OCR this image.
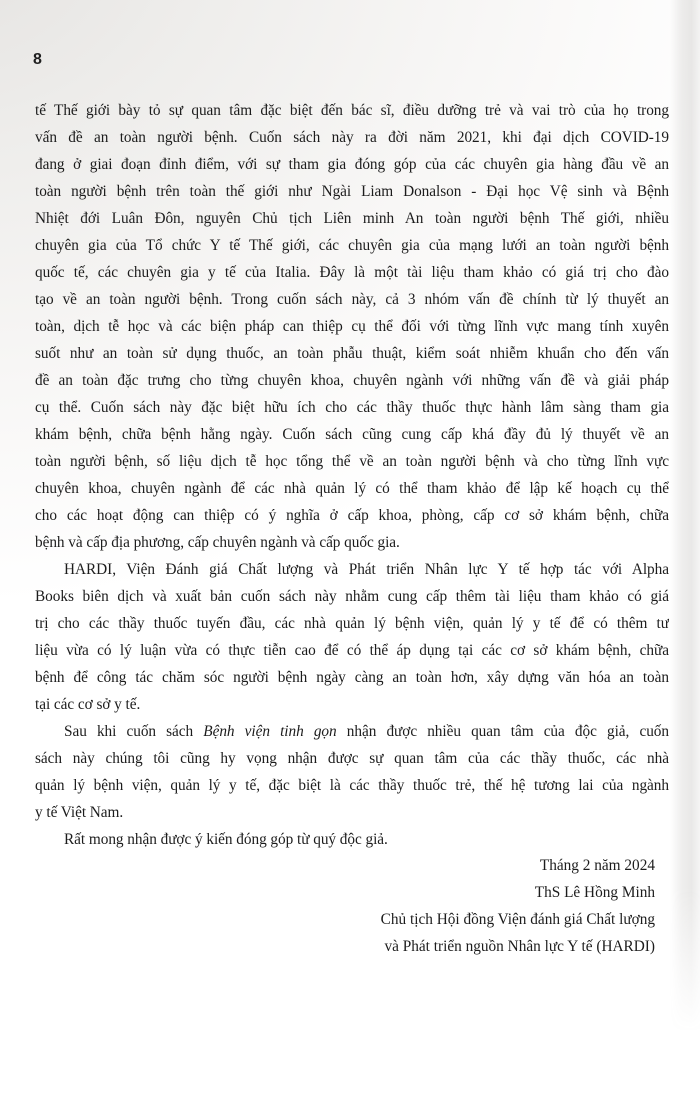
8
tế Thế giới bày tỏ sự quan tâm đặc biệt đến bác sĩ, điều dưỡng trẻ và vai trò của họ trong
vấn đề an toàn người bệnh. Cuốn sách này ra đời năm 2021, khi đại dịch COVID-19
đang ở giai đoạn đỉnh điểm, với sự tham gia đóng góp của các chuyên gia hàng đầu về an
toàn người bệnh trên toàn thế giới như Ngài Liam Donalson - Đại học Vệ sinh và Bệnh
Nhiệt đới Luân Đôn, nguyên Chủ tịch Liên minh An toàn người bệnh Thế giới, nhiều
chuyên gia của Tổ chức Y tế Thế giới, các chuyên gia của mạng lưới an toàn người bệnh
quốc tế, các chuyên gia y tế của Italia. Đây là một tài liệu tham khảo có giá trị cho đào
tạo về an toàn người bệnh. Trong cuốn sách này, cả 3 nhóm vấn đề chính từ lý thuyết an
toàn, dịch tễ học và các biện pháp can thiệp cụ thể đối với từng lĩnh vực mang tính xuyên
suốt như an toàn sử dụng thuốc, an toàn phẫu thuật, kiểm soát nhiễm khuẩn cho đến vấn
đề an toàn đặc trưng cho từng chuyên khoa, chuyên ngành với những vấn đề và giải pháp
cụ thể. Cuốn sách này đặc biệt hữu ích cho các thầy thuốc thực hành lâm sàng tham gia
khám bệnh, chữa bệnh hằng ngày. Cuốn sách cũng cung cấp khá đầy đủ lý thuyết về an
toàn người bệnh, số liệu dịch tễ học tổng thể về an toàn người bệnh và cho từng lĩnh vực
chuyên khoa, chuyên ngành để các nhà quản lý có thể tham khảo để lập kế hoạch cụ thể
cho các hoạt động can thiệp có ý nghĩa ở cấp khoa, phòng, cấp cơ sở khám bệnh, chữa
bệnh và cấp địa phương, cấp chuyên ngành và cấp quốc gia.
HARDI, Viện Đánh giá Chất lượng và Phát triển Nhân lực Y tế hợp tác với Alpha
Books biên dịch và xuất bản cuốn sách này nhằm cung cấp thêm tài liệu tham khảo có giá
trị cho các thầy thuốc tuyến đầu, các nhà quản lý bệnh viện, quản lý y tế để có thêm tư
liệu vừa có lý luận vừa có thực tiễn cao để có thể áp dụng tại các cơ sở khám bệnh, chữa
bệnh để công tác chăm sóc người bệnh ngày càng an toàn hơn, xây dựng văn hóa an toàn
tại các cơ sở y tế.
Sau khi cuốn sách Bệnh viện tinh gọn nhận được nhiều quan tâm của độc giả, cuốn
sách này chúng tôi cũng hy vọng nhận được sự quan tâm của các thầy thuốc, các nhà
quản lý bệnh viện, quản lý y tế, đặc biệt là các thầy thuốc trẻ, thế hệ tương lai của ngành
y tế Việt Nam.
Rất mong nhận được ý kiến đóng góp từ quý độc giả.
Tháng 2 năm 2024
ThS Lê Hồng Minh
Chủ tịch Hội đồng Viện đánh giá Chất lượng
và Phát triển nguồn Nhân lực Y tế (HARDI)
